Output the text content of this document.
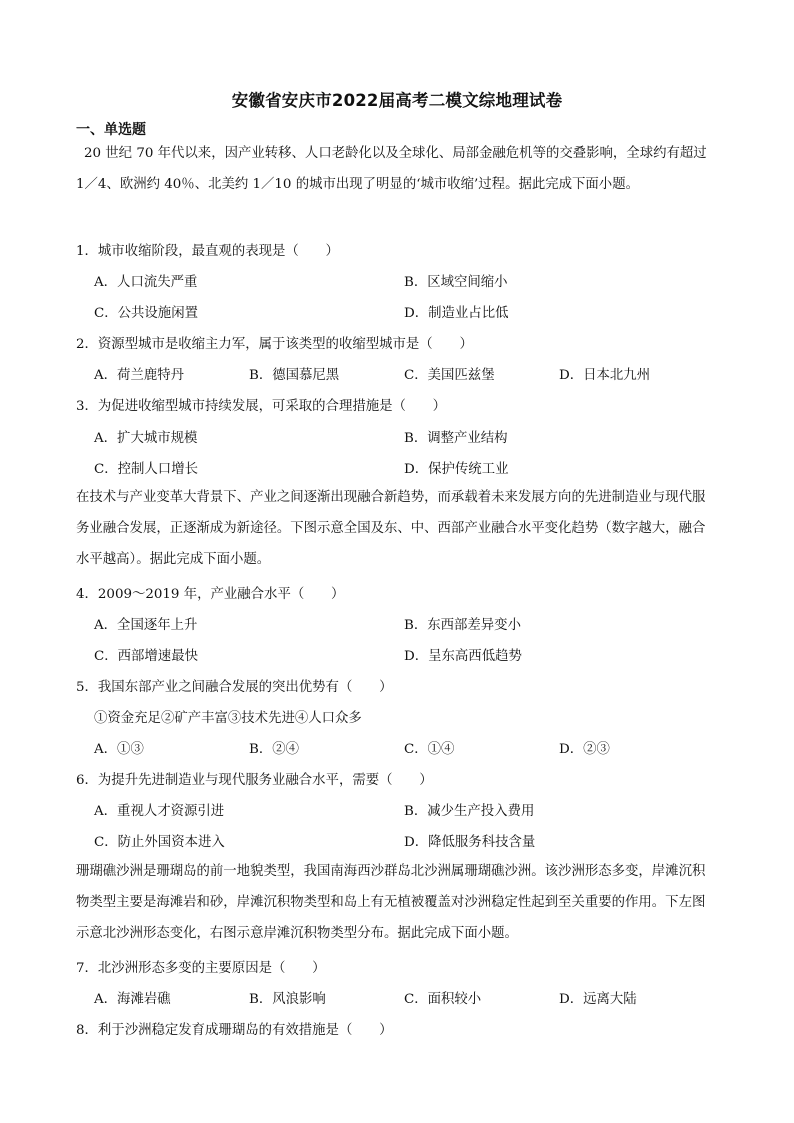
安徽省安庆市2022届高考二模文综地理试卷
一、单选题
20 世纪 70 年代以来，因产业转移、人口老龄化以及全球化、局部金融危机等的交叠影响，全球约有超过 1／4、欧洲约 40％、北美约 1／10 的城市出现了明显的‘城市收缩’过程。据此完成下面小题。
1．城市收缩阶段，最直观的表现是（　　）
A．人口流失严重	B．区域空间缩小
C．公共设施闲置	D．制造业占比低
2．资源型城市是收缩主力军，属于该类型的收缩型城市是（　　）
A．荷兰鹿特丹	B．德国慕尼黑	C．美国匹兹堡	D．日本北九州
3．为促进收缩型城市持续发展，可采取的合理措施是（　　）
A．扩大城市规模	B．调整产业结构
C．控制人口增长	D．保护传统工业
在技术与产业变革大背景下、产业之间逐渐出现融合新趋势，而承载着未来发展方向的先进制造业与现代服务业融合发展，正逐渐成为新途径。下图示意全国及东、中、西部产业融合水平变化趋势（数字越大，融合水平越高）。据此完成下面小题。
4．2009～2019 年，产业融合水平（　　）
A．全国逐年上升	B．东西部差异变小
C．西部增速最快	D．呈东高西低趋势
5．我国东部产业之间融合发展的突出优势有（　　）
①资金充足②矿产丰富③技术先进④人口众多
A．①③	B．②④	C．①④	D．②③
6．为提升先进制造业与现代服务业融合水平，需要（　　）
A．重视人才资源引进	B．减少生产投入费用
C．防止外国资本进入	D．降低服务科技含量
珊瑚礁沙洲是珊瑚岛的前一地貌类型，我国南海西沙群岛北沙洲属珊瑚礁沙洲。该沙洲形态多变，岸滩沉积物类型主要是海滩岩和砂，岸滩沉积物类型和岛上有无植被覆盖对沙洲稳定性起到至关重要的作用。下左图示意北沙洲形态变化，右图示意岸滩沉积物类型分布。据此完成下面小题。
7．北沙洲形态多变的主要原因是（　　）
A．海滩岩礁	B．风浪影响	C．面积较小	D．远离大陆
8．利于沙洲稳定发育成珊瑚岛的有效措施是（　　）
